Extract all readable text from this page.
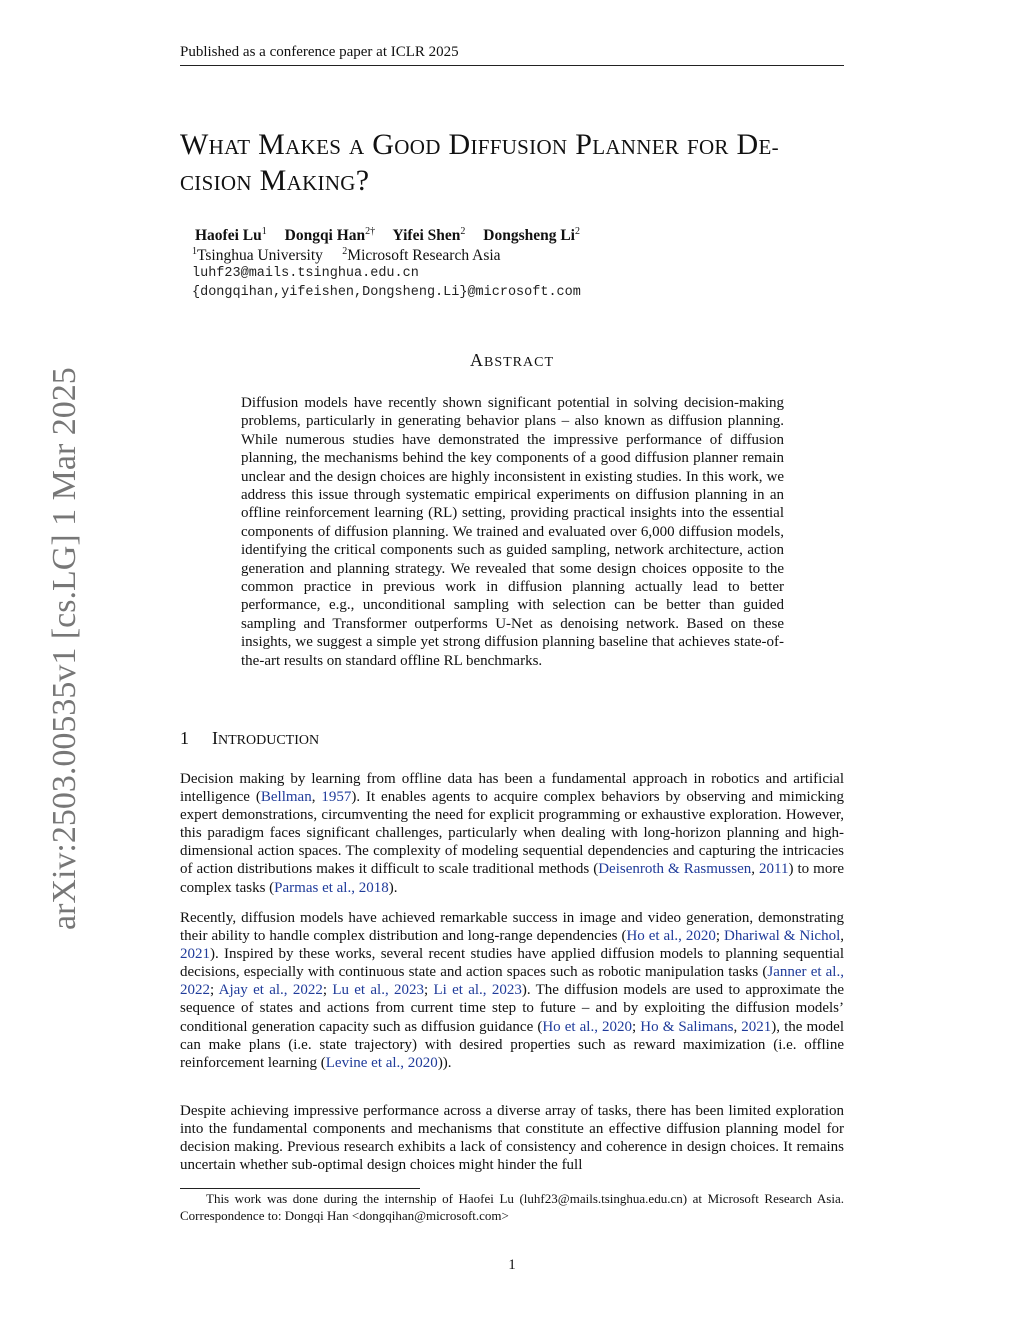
Published as a conference paper at ICLR 2025
arXiv:2503.00535v1 [cs.LG] 1 Mar 2025
WHAT MAKES A GOOD DIFFUSION PLANNER FOR DE-
CISION MAKING?
Haofei Lu$^1$ Dongqi Han$^{2\dagger}$ Yifei Shen$^2$ Dongsheng Li$^2$
$^1$Tsinghua University $^2$Microsoft Research Asia
luhf23@mails.tsinghua.edu.cn
{dongqihan,yifeishen,Dongsheng.Li}@microsoft.com
ABSTRACT
Diffusion models have recently shown significant potential in solving decision-making problems, particularly in generating behavior plans – also known as diffusion planning. While numerous studies have demonstrated the impressive performance of diffusion planning, the mechanisms behind the key components of a good diffusion planner remain unclear and the design choices are highly inconsistent in existing studies. In this work, we address this issue through systematic empirical experiments on diffusion planning in an offline reinforcement learning (RL) setting, providing practical insights into the essential components of diffusion planning. We trained and evaluated over 6,000 diffusion models, identifying the critical components such as guided sampling, network architecture, action generation and planning strategy. We revealed that some design choices opposite to the common practice in previous work in diffusion planning actually lead to better performance, e.g., unconditional sampling with selection can be better than guided sampling and Transformer outperforms U-Net as denoising network. Based on these insights, we suggest a simple yet strong diffusion planning baseline that achieves state-of-the-art results on standard offline RL benchmarks.
1 INTRODUCTION

Decision making by learning from offline data has been a fundamental approach in robotics and artificial intelligence (Bellman, 1957). It enables agents to acquire complex behaviors by observing and mimicking expert demonstrations, circumventing the need for explicit programming or exhaustive exploration. However, this paradigm faces significant challenges, particularly when dealing with long-horizon planning and high-dimensional action spaces. The complexity of modeling sequential dependencies and capturing the intricacies of action distributions makes it difficult to scale traditional methods (Deisenroth & Rasmussen, 2011) to more complex tasks (Parmas et al., 2018).

Recently, diffusion models have achieved remarkable success in image and video generation, demonstrating their ability to handle complex distribution and long-range dependencies (Ho et al., 2020; Dhariwal & Nichol, 2021). Inspired by these works, several recent studies have applied diffusion models to planning sequential decisions, especially with continuous state and action spaces such as robotic manipulation tasks (Janner et al., 2022; Ajay et al., 2022; Lu et al., 2023; Li et al., 2023). The diffusion models are used to approximate the sequence of states and actions from current time step to future – and by exploiting the diffusion models’ conditional generation capacity such as diffusion guidance (Ho et al., 2020; Ho & Salimans, 2021), the model can make plans (i.e. state trajectory) with desired properties such as reward maximization (i.e. offline reinforcement learning (Levine et al., 2020)).

Despite achieving impressive performance across a diverse array of tasks, there has been limited exploration into the fundamental components and mechanisms that constitute an effective diffusion planning model for decision making. Previous research exhibits a lack of consistency and coherence in design choices. It remains uncertain whether sub-optimal design choices might hinder the full

This work was done during the internship of Haofei Lu (luhf23@mails.tsinghua.edu.cn) at Microsoft Research Asia. Correspondence to: Dongqi Han <dongqihan@microsoft.com>
1
